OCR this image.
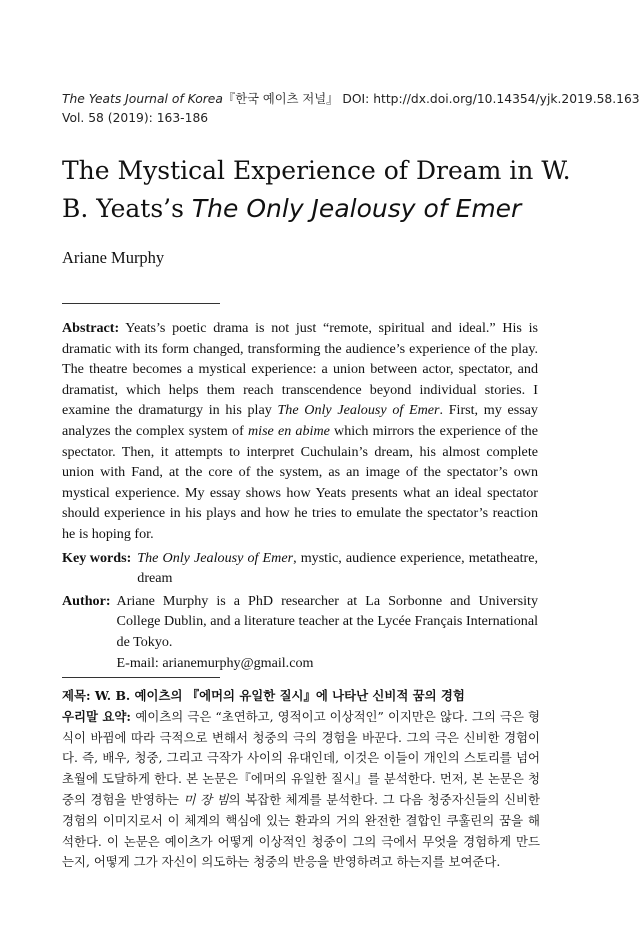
The Yeats Journal of Korea『한국 예이츠 저널』 DOI: http://dx.doi.org/10.14354/yjk.2019.58.163
Vol. 58 (2019): 163-186
The Mystical Experience of Dream in W. B. Yeats’s The Only Jealousy of Emer
Ariane Murphy

Abstract: Yeats’s poetic drama is not just “remote, spiritual and ideal.” His is dramatic with its form changed, transforming the audience’s experience of the play. The theatre becomes a mystical experience: a union between actor, spectator, and dramatist, which helps them reach transcendence beyond individual stories. I examine the dramaturgy in his play The Only Jealousy of Emer. First, my essay analyzes the complex system of mise en abime which mirrors the experience of the spectator. Then, it attempts to interpret Cuchulain’s dream, his almost complete union with Fand, at the core of the system, as an image of the spectator’s own mystical experience. My essay shows how Yeats presents what an ideal spectator should experience in his plays and how he tries to emulate the spectator’s reaction he is hoping for.

Key words: The Only Jealousy of Emer, mystic, audience experience, metatheatre, dream
Author: Ariane Murphy is a PhD researcher at La Sorbonne and University College Dublin, and a literature teacher at the Lycée Français International de Tokyo.
E-mail: arianemurphy@gmail.com

제목: W. B. 예이츠의 『에머의 유일한 질시』에 나타난 신비적 꿈의 경험

우리말 요약: 예이츠의 극은 “초연하고, 영적이고 이상적인” 이지만은 않다. 그의 극은 형식이 바뀜에 따라 극적으로 변해서 청중의 극의 경험을 바꾼다. 그의 극은 신비한 경험이다. 즉, 배우, 청중, 그리고 극작가 사이의 유대인데, 이것은 이들이 개인의 스토리를 넘어 초월에 도달하게 한다. 본 논문은『에머의 유일한 질시』를 분석한다. 먼저, 본 논문은 청중의 경험을 반영하는 미 장 빔의 복잡한 체계를 분석한다. 그 다음 청중자신들의 신비한 경험의 이미지로서 이 체계의 핵심에 있는 환과의 거의 완전한 결합인 쿠훌린의 꿈을 해석한다. 이 논문은 예이츠가 어떻게 이상적인 청중이 그의 극에서 무엇을 경험하게 만드는지, 어떻게 그가 자신이 의도하는 청중의 반응을 반영하려고 하는지를 보여준다.
